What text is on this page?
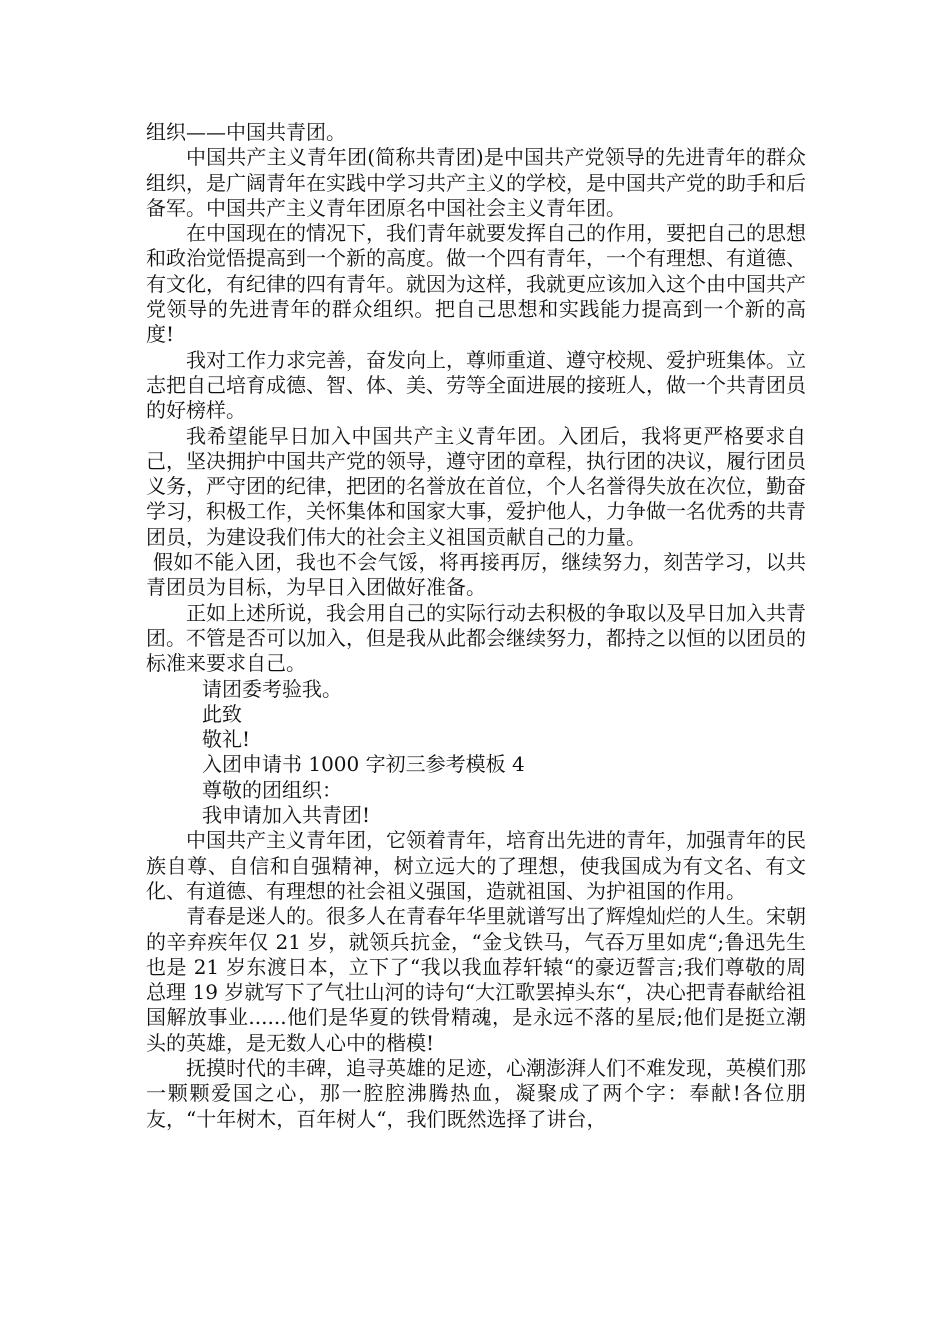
组织——中国共青团。

中国共产主义青年团(简称共青团)是中国共产党领导的先进青年的群众组织，是广阔青年在实践中学习共产主义的学校，是中国共产党的助手和后备军。中国共产主义青年团原名中国社会主义青年团。

在中国现在的情况下，我们青年就要发挥自己的作用，要把自己的思想和政治觉悟提高到一个新的高度。做一个四有青年，一个有理想、有道德、有文化，有纪律的四有青年。就因为这样，我就更应该加入这个由中国共产党领导的先进青年的群众组织。把自己思想和实践能力提高到一个新的高度!

我对工作力求完善，奋发向上，尊师重道、遵守校规、爱护班集体。立志把自己培育成德、智、体、美、劳等全面进展的接班人，做一个共青团员的好榜样。

我希望能早日加入中国共产主义青年团。入团后，我将更严格要求自己，坚决拥护中国共产党的领导，遵守团的章程，执行团的决议，履行团员义务，严守团的纪律，把团的名誉放在首位，个人名誉得失放在次位，勤奋学习，积极工作，关怀集体和国家大事，爱护他人，力争做一名优秀的共青团员，为建设我们伟大的社会主义祖国贡献自己的力量。

假如不能入团，我也不会气馁，将再接再厉，继续努力，刻苦学习，以共青团员为目标，为早日入团做好准备。

正如上述所说，我会用自己的实际行动去积极的争取以及早日加入共青团。不管是否可以加入，但是我从此都会继续努力，都持之以恒的以团员的标准来要求自己。

请团委考验我。

此致

敬礼!

入团申请书 1000 字初三参考模板 4

尊敬的团组织：

我申请加入共青团!

中国共产主义青年团，它领着青年，培育出先进的青年，加强青年的民族自尊、自信和自强精神，树立远大的了理想，使我国成为有文名、有文化、有道德、有理想的社会祖义强国，造就祖国、为护祖国的作用。

青春是迷人的。很多人在青春年华里就谱写出了辉煌灿烂的人生。宋朝的辛弃疾年仅 21 岁，就领兵抗金，“金戈铁马，气吞万里如虎“;鲁迅先生也是 21 岁东渡日本，立下了“我以我血荐轩辕“的豪迈誓言;我们尊敬的周总理 19 岁就写下了气壮山河的诗句“大江歌罢掉头东“，决心把青春献给祖国解放事业......他们是华夏的铁骨精魂，是永远不落的星辰;他们是挺立潮头的英雄，是无数人心中的楷模!

抚摸时代的丰碑，追寻英雄的足迹，心潮澎湃人们不难发现，英模们那一颗颗爱国之心，那一腔腔沸腾热血，凝聚成了两个字：奉献!各位朋友，“十年树木，百年树人“，我们既然选择了讲台，
